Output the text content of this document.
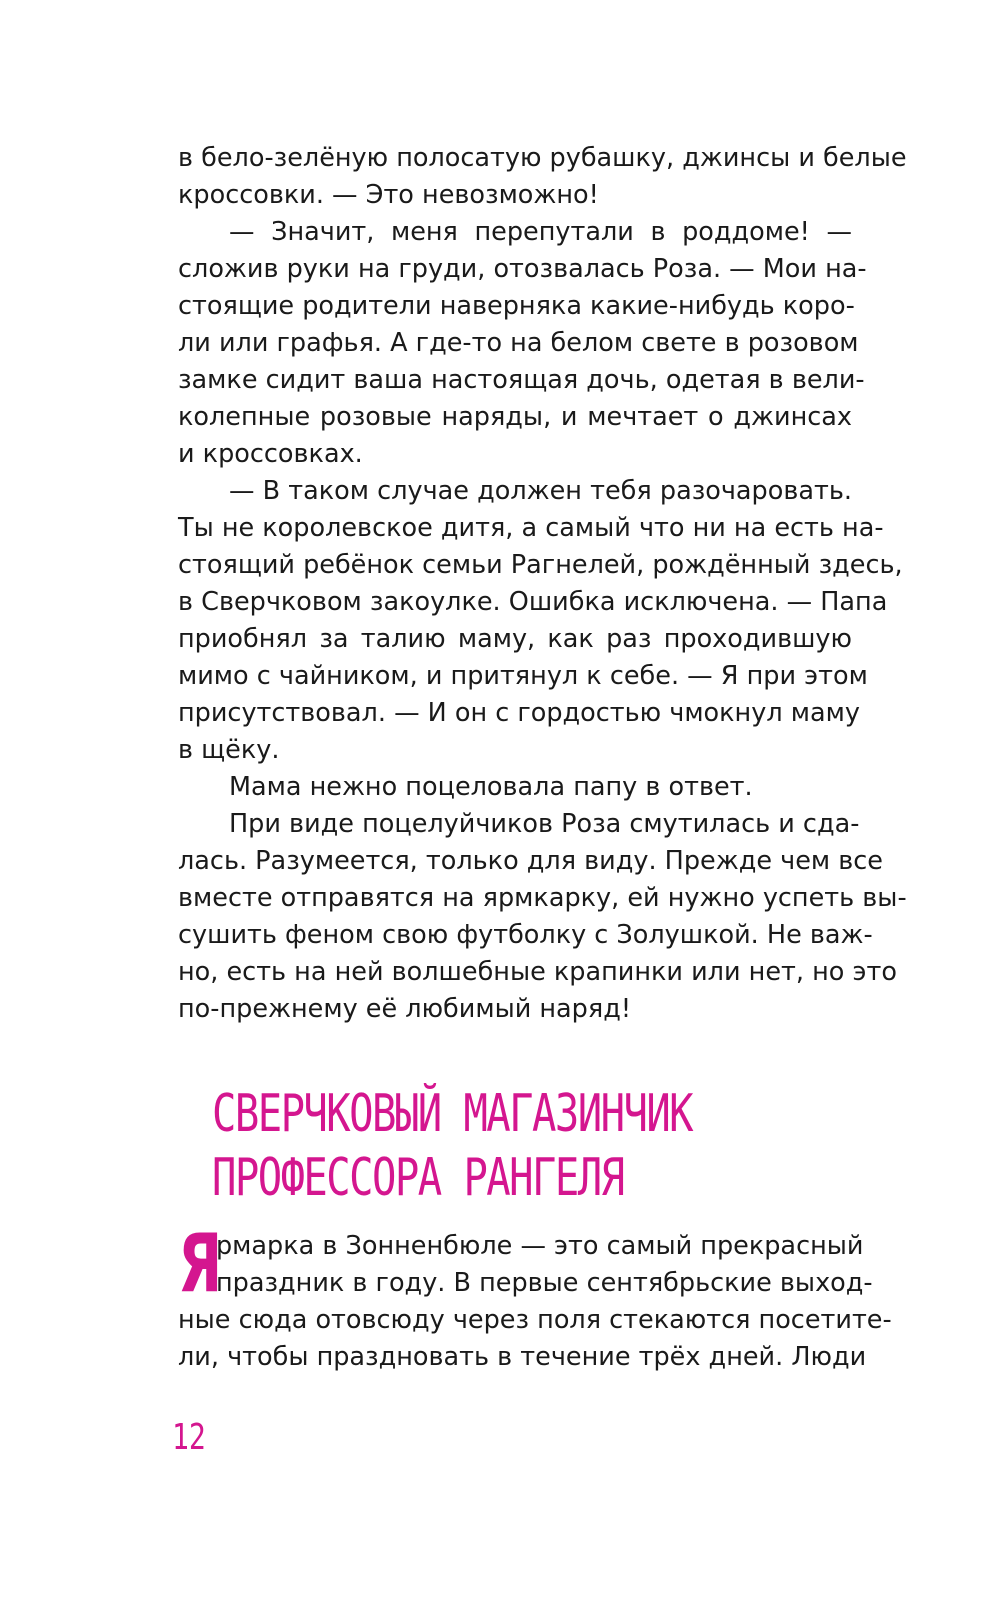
в бело-зелёную полосатую рубашку, джинсы и белые
кроссовки. — Это невозможно!
— Значит, меня перепутали в роддоме! —
сложив руки на груди, отозвалась Роза. — Мои на-
стоящие родители наверняка какие-нибудь коро-
ли или графья. А где-то на белом свете в розовом
замке сидит ваша настоящая дочь, одетая в вели-
колепные розовые наряды, и мечтает о джинсах
и кроссовках.
— В таком случае должен тебя разочаровать.
Ты не королевское дитя, а самый что ни на есть на-
стоящий ребёнок семьи Рагнелей, рождённый здесь,
в Сверчковом закоулке. Ошибка исключена. — Папа
приобнял за талию маму, как раз проходившую
мимо с чайником, и притянул к себе. — Я при этом
присутствовал. — И он с гордостью чмокнул маму
в щёку.
Мама нежно поцеловала папу в ответ.
При виде поцелуйчиков Роза смутилась и сда-
лась. Разумеется, только для виду. Прежде чем все
вместе отправятся на ярмкарку, ей нужно успеть вы-
сушить феном свою футболку с Золушкой. Не важ-
но, есть на ней волшебные крапинки или нет, но это
по-прежнему её любимый наряд!
СВЕРЧКОВЫЙ МАГАЗИНЧИК
ПРОФЕССОРА РАНГЕЛЯ
Я
рмарка в Зонненбюле — это самый прекрасный
праздник в году. В первые сентябрьские выход-
ные сюда отовсюду через поля стекаются посетите-
ли, чтобы праздновать в течение трёх дней. Люди
12
